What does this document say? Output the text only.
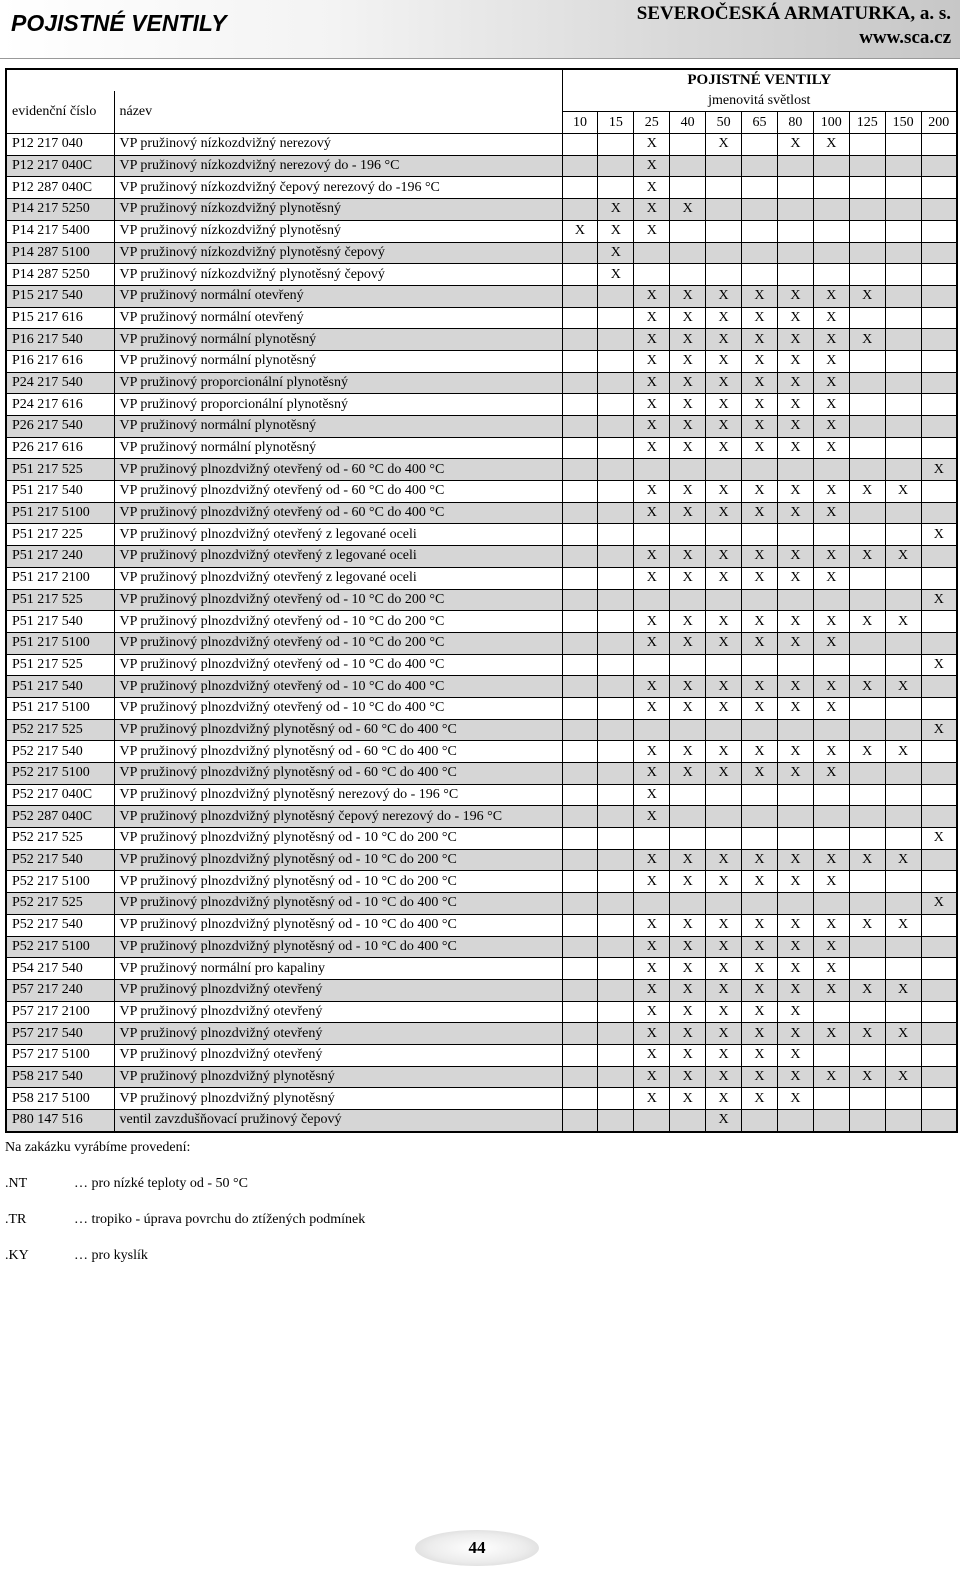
POJISTNÉ VENTILY	SEVEROČESKÁ ARMATURKA, a. s.
www.sca.cz
		POJISTNÉ VENTILY										
evidenční číslo	název	jmenovitá světlost										
		10	15	25	40	50	65	80	100	125	150	200
P12 217 040	VP pružinový nízkozdvižný nerezový			X		X		X	X			
P12 217 040C	VP pružinový nízkozdvižný nerezový do - 196 °C			X								
P12 287 040C	VP pružinový nízkozdvižný čepový nerezový do -196 °C			X								
P14 217 5250	VP pružinový nízkozdvižný plynotěsný		X	X	X							
P14 217 5400	VP pružinový nízkozdvižný plynotěsný	X	X	X								
P14 287 5100	VP pružinový nízkozdvižný plynotěsný čepový		X									
P14 287 5250	VP pružinový nízkozdvižný plynotěsný čepový		X									
P15 217 540	VP pružinový normální otevřený			X	X	X	X	X	X	X		
P15 217 616	VP pružinový normální otevřený			X	X	X	X	X	X			
P16 217 540	VP pružinový normální plynotěsný			X	X	X	X	X	X	X		
P16 217 616	VP pružinový normální plynotěsný			X	X	X	X	X	X			
P24 217 540	VP pružinový proporcionální plynotěsný			X	X	X	X	X	X			
P24 217 616	VP pružinový proporcionální plynotěsný			X	X	X	X	X	X			
P26 217 540	VP pružinový normální plynotěsný			X	X	X	X	X	X			
P26 217 616	VP pružinový normální plynotěsný			X	X	X	X	X	X			
P51 217 525	VP pružinový plnozdvižný otevřený od - 60 °C do 400 °C											X
P51 217 540	VP pružinový plnozdvižný otevřený od - 60 °C do 400 °C			X	X	X	X	X	X	X	X	
P51 217 5100	VP pružinový plnozdvižný otevřený od - 60 °C do 400 °C			X	X	X	X	X	X			
P51 217 225	VP pružinový plnozdvižný otevřený z legované oceli											X
P51 217 240	VP pružinový plnozdvižný otevřený z legované oceli			X	X	X	X	X	X	X	X	
P51 217 2100	VP pružinový plnozdvižný otevřený z legované oceli			X	X	X	X	X	X			
P51 217 525	VP pružinový plnozdvižný otevřený od - 10 °C do 200 °C											X
P51 217 540	VP pružinový plnozdvižný otevřený od - 10 °C do 200 °C			X	X	X	X	X	X	X	X	
P51 217 5100	VP pružinový plnozdvižný otevřený od - 10 °C do 200 °C			X	X	X	X	X	X			
P51 217 525	VP pružinový plnozdvižný otevřený od - 10 °C do 400 °C											X
P51 217 540	VP pružinový plnozdvižný otevřený od - 10 °C do 400 °C			X	X	X	X	X	X	X	X	
P51 217 5100	VP pružinový plnozdvižný otevřený od - 10 °C do 400 °C			X	X	X	X	X	X			
P52 217 525	VP pružinový plnozdvižný plynotěsný od - 60 °C do 400 °C											X
P52 217 540	VP pružinový plnozdvižný plynotěsný od - 60 °C do 400 °C			X	X	X	X	X	X	X	X	
P52 217 5100	VP pružinový plnozdvižný plynotěsný od - 60 °C do 400 °C			X	X	X	X	X	X			
P52 217 040C	VP pružinový plnozdvižný plynotěsný nerezový do - 196 °C			X								
P52 287 040C	VP pružinový plnozdvižný plynotěsný čepový nerezový do - 196 °C			X								
P52 217 525	VP pružinový plnozdvižný plynotěsný od - 10 °C do 200 °C											X
P52 217 540	VP pružinový plnozdvižný plynotěsný od - 10 °C do 200 °C			X	X	X	X	X	X	X	X	
P52 217 5100	VP pružinový plnozdvižný plynotěsný od - 10 °C do 200 °C			X	X	X	X	X	X			
P52 217 525	VP pružinový plnozdvižný plynotěsný od - 10 °C do 400 °C											X
P52 217 540	VP pružinový plnozdvižný plynotěsný od - 10 °C do 400 °C			X	X	X	X	X	X	X	X	
P52 217 5100	VP pružinový plnozdvižný plynotěsný od - 10 °C do 400 °C			X	X	X	X	X	X			
P54 217 540	VP pružinový normální pro kapaliny			X	X	X	X	X	X			
P57 217 240	VP pružinový plnozdvižný otevřený			X	X	X	X	X	X	X	X	
P57 217 2100	VP pružinový plnozdvižný otevřený			X	X	X	X	X				
P57 217 540	VP pružinový plnozdvižný otevřený			X	X	X	X	X	X	X	X	
P57 217 5100	VP pružinový plnozdvižný otevřený			X	X	X	X	X				
P58 217 540	VP pružinový plnozdvižný plynotěsný			X	X	X	X	X	X	X	X	
P58 217 5100	VP pružinový plnozdvižný plynotěsný			X	X	X	X	X				
P80 147 516	ventil zavzdušňovací pružinový čepový					X						
Na zakázku vyrábíme provedení:
.NT	… pro nízké teploty od - 50 °C
.TR	… tropiko - úprava povrchu do ztížených podmínek
.KY	… pro kyslík
44
